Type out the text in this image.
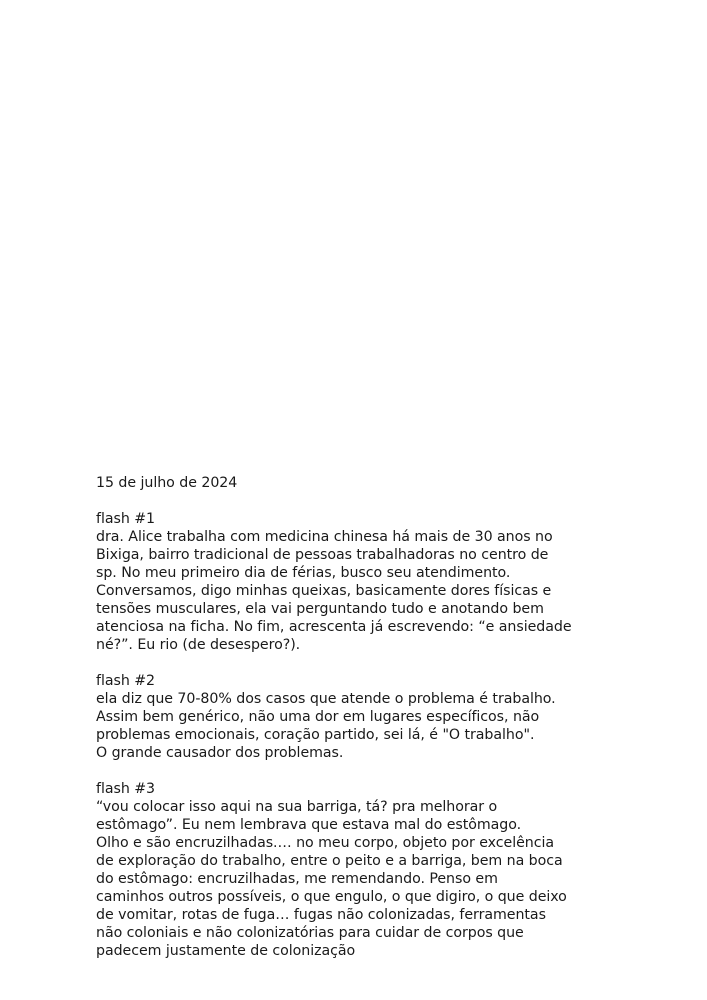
15 de julho de 2024
flash #1
dra. Alice trabalha com medicina chinesa há mais de 30 anos no
Bixiga, bairro tradicional de pessoas trabalhadoras no centro de
sp. No meu primeiro dia de férias, busco seu atendimento.
Conversamos, digo minhas queixas, basicamente dores físicas e
tensões musculares, ela vai perguntando tudo e anotando bem
atenciosa na ficha. No fim, acrescenta já escrevendo: “e ansiedade
né?”. Eu rio (de desespero?).
flash #2
ela diz que 70-80% dos casos que atende o problema é trabalho.
Assim bem genérico, não uma dor em lugares específicos, não
problemas emocionais, coração partido, sei lá, é "O trabalho".
O grande causador dos problemas.
flash #3
“vou colocar isso aqui na sua barriga, tá? pra melhorar o
estômago”. Eu nem lembrava que estava mal do estômago.
Olho e são encruzilhadas.… no meu corpo, objeto por excelência
de exploração do trabalho, entre o peito e a barriga, bem na boca
do estômago: encruzilhadas, me remendando. Penso em
caminhos outros possíveis, o que engulo, o que digiro, o que deixo
de vomitar, rotas de fuga… fugas não colonizadas, ferramentas
não coloniais e não colonizatórias para cuidar de corpos que
padecem justamente de colonização
